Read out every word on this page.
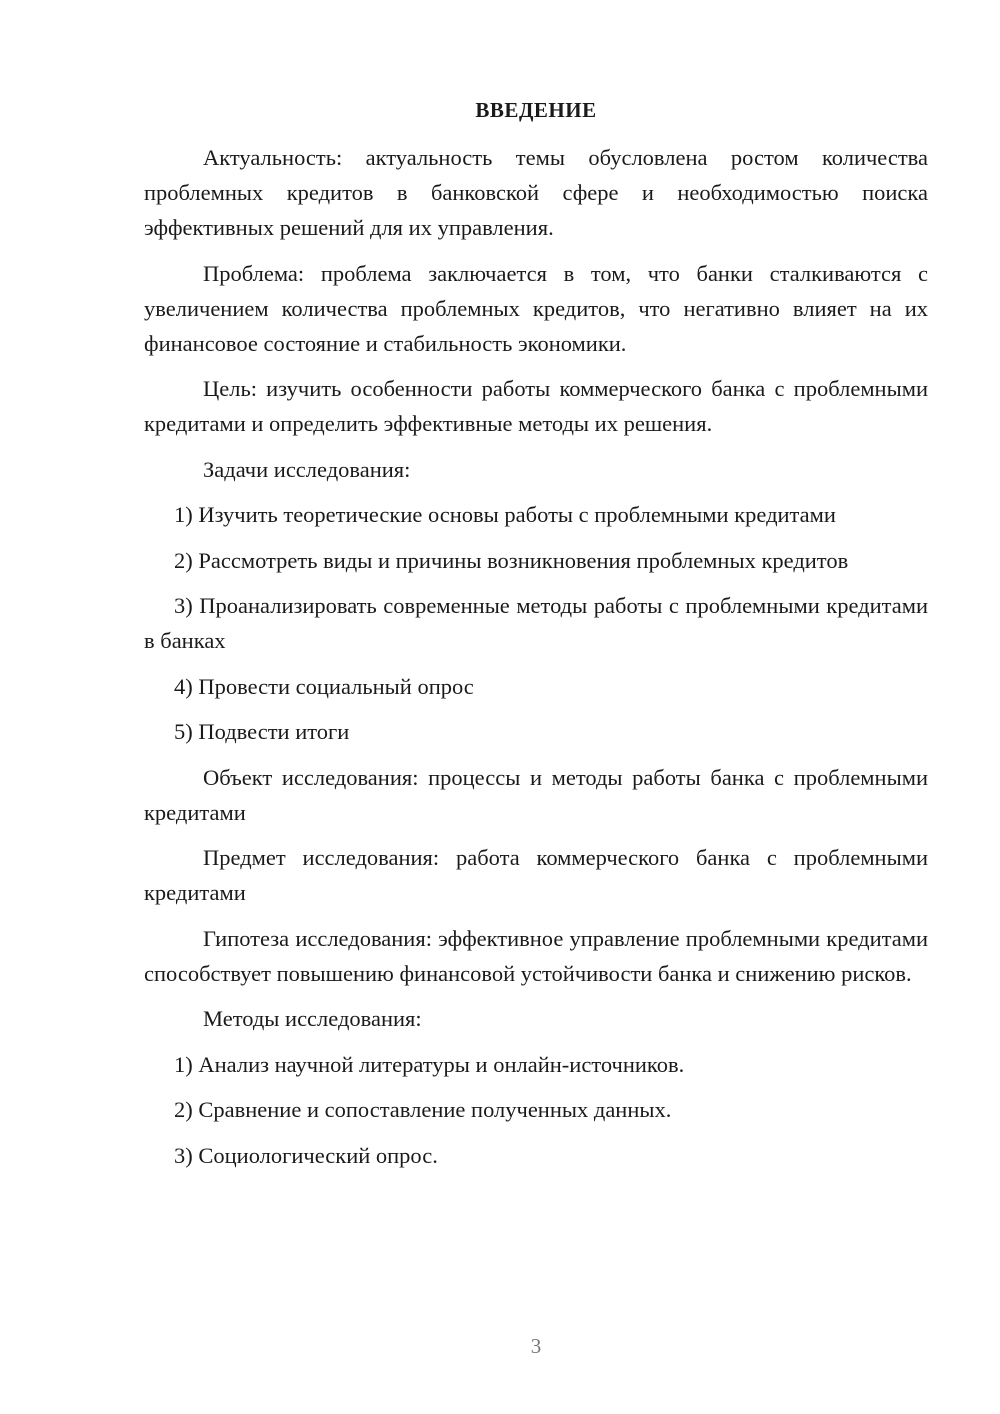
ВВЕДЕНИЕ

Актуальность: актуальность темы обусловлена ростом количества проблемных кредитов в банковской сфере и необходимостью поиска эффективных решений для их управления.

Проблема: проблема заключается в том, что банки сталкиваются с увеличением количества проблемных кредитов, что негативно влияет на их финансовое состояние и стабильность экономики.

Цель: изучить особенности работы коммерческого банка с проблемными кредитами и определить эффективные методы их решения.

Задачи исследования:

1) Изучить теоретические основы работы с проблемными кредитами

2) Рассмотреть виды и причины возникновения проблемных кредитов

3) Проанализировать современные методы работы с проблемными кредитами в банках

4) Провести социальный опрос

5) Подвести итоги

Объект исследования: процессы и методы работы банка с проблемными кредитами

Предмет исследования: работа коммерческого банка с проблемными кредитами

Гипотеза исследования: эффективное управление проблемными кредитами способствует повышению финансовой устойчивости банка и снижению рисков.

Методы исследования:

1) Анализ научной литературы и онлайн-источников.

2) Сравнение и сопоставление полученных данных.

3) Социологический опрос.

3
